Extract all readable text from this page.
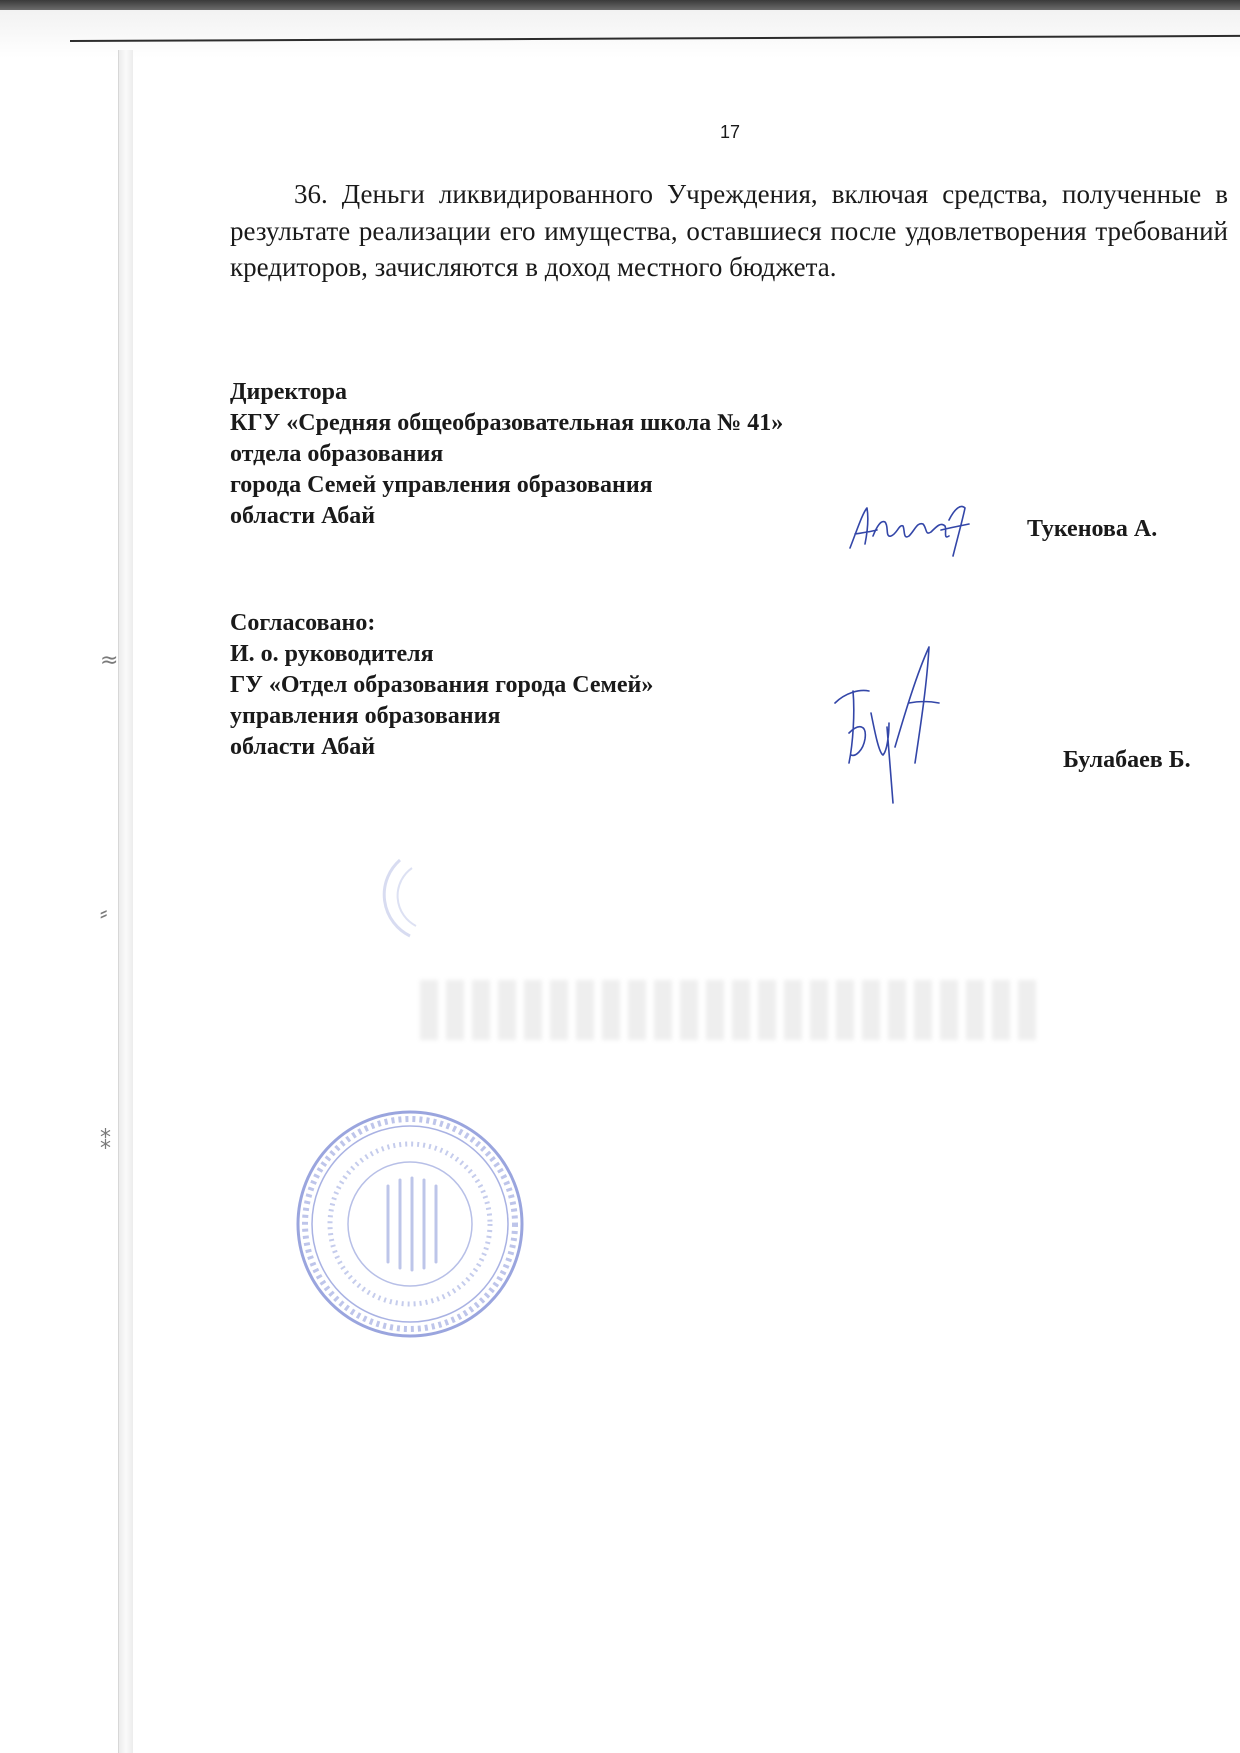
≈
⸗
⁑
17

36. Деньги ликвидированного Учреждения, включая средства, полученные в результате реализации его имущества, оставшиеся после удовлетворения требований кредиторов, зачисляются в доход местного бюджета.

Директора
КГУ «Средняя общеобразовательная школа № 41»
отдела образования
города Семей управления образования
области Абай	Тукенова А.
Согласовано:
И. о. руководителя
ГУ «Отдел образования города Семей»
управления образования
области Абай	Булабаев Б.
